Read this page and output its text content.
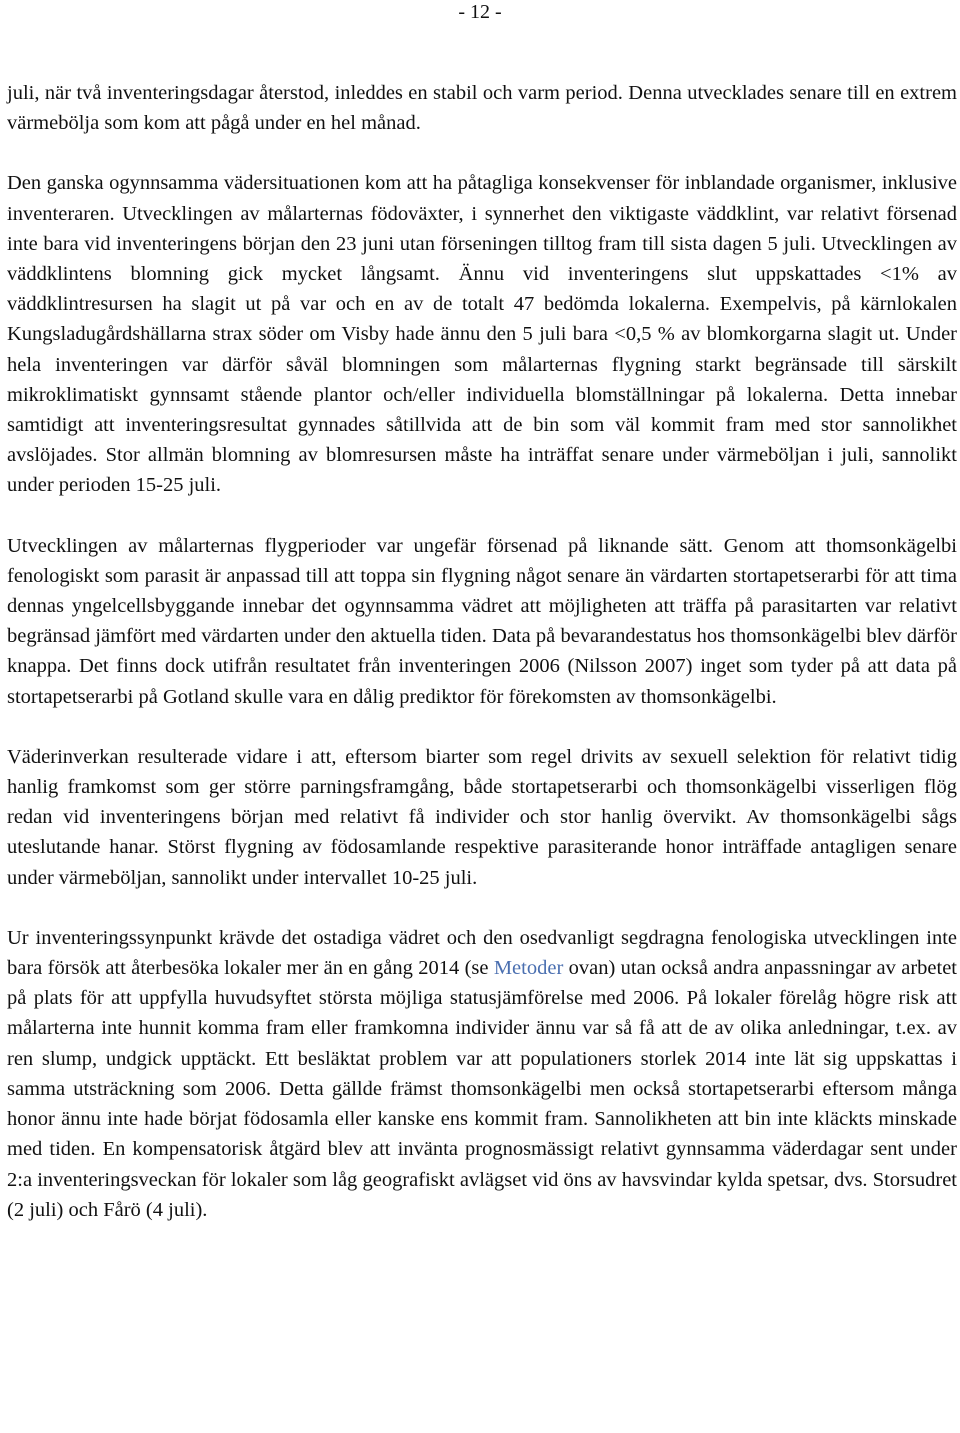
- 12 -

juli, när två inventeringsdagar återstod, inleddes en stabil och varm period. Denna utvecklades senare till en extrem värmebölja som kom att pågå under en hel månad.

Den ganska ogynnsamma vädersituationen kom att ha påtagliga konsekvenser för inblandade organismer, inklusive inventeraren. Utvecklingen av målarternas födoväxter, i synnerhet den viktigaste väddklint, var relativt försenad inte bara vid inventeringens början den 23 juni utan förseningen tilltog fram till sista dagen 5 juli. Utvecklingen av väddklintens blomning gick mycket långsamt. Ännu vid inventeringens slut uppskattades <1% av väddklintresursen ha slagit ut på var och en av de totalt 47 bedömda lokalerna. Exempelvis, på kärnlokalen Kungsladugårdshällarna strax söder om Visby hade ännu den 5 juli bara <0,5 % av blomkorgarna slagit ut. Under hela inventeringen var därför såväl blomningen som målarternas flygning starkt begränsade till särskilt mikroklimatiskt gynnsamt stående plantor och/eller individuella blomställningar på lokalerna. Detta innebar samtidigt att inventeringsresultat gynnades såtillvida att de bin som väl kommit fram med stor sannolikhet avslöjades. Stor allmän blomning av blomresursen måste ha inträffat senare under värmeböljan i juli, sannolikt under perioden 15-25 juli.

Utvecklingen av målarternas flygperioder var ungefär försenad på liknande sätt. Genom att thomsonkägelbi fenologiskt som parasit är anpassad till att toppa sin flygning något senare än värdarten stortapetserarbi för att tima dennas yngelcellsbyggande innebar det ogynnsamma vädret att möjligheten att träffa på parasitarten var relativt begränsad jämfört med värdarten under den aktuella tiden. Data på bevarandestatus hos thomsonkägelbi blev därför knappa. Det finns dock utifrån resultatet från inventeringen 2006 (Nilsson 2007) inget som tyder på att data på stortapetserarbi på Gotland skulle vara en dålig prediktor för förekomsten av thomsonkägelbi.

Väderinverkan resulterade vidare i att, eftersom biarter som regel drivits av sexuell selektion för relativt tidig hanlig framkomst som ger större parningsframgång, både stortapetserarbi och thomsonkägelbi visserligen flög redan vid inventeringens början med relativt få individer och stor hanlig övervikt. Av thomsonkägelbi sågs uteslutande hanar. Störst flygning av födosamlande respektive parasiterande honor inträffade antagligen senare under värmeböljan, sannolikt under intervallet 10-25 juli.

Ur inventeringssynpunkt krävde det ostadiga vädret och den osedvanligt segdragna fenologiska utvecklingen inte bara försök att återbesöka lokaler mer än en gång 2014 (se Metoder ovan) utan också andra anpassningar av arbetet på plats för att uppfylla huvudsyftet största möjliga statusjämförelse med 2006. På lokaler förelåg högre risk att målarterna inte hunnit komma fram eller framkomna individer ännu var så få att de av olika anledningar, t.ex. av ren slump, undgick upptäckt. Ett besläktat problem var att populationers storlek 2014 inte lät sig uppskattas i samma utsträckning som 2006. Detta gällde främst thomsonkägelbi men också stortapetserarbi eftersom många honor ännu inte hade börjat födosamla eller kanske ens kommit fram. Sannolikheten att bin inte kläckts minskade med tiden. En kompensatorisk åtgärd blev att invänta prognosmässigt relativt gynnsamma väderdagar sent under 2:a inventeringsveckan för lokaler som låg geografiskt avlägset vid öns av havsvindar kylda spetsar, dvs. Storsudret (2 juli) och Fårö (4 juli).
